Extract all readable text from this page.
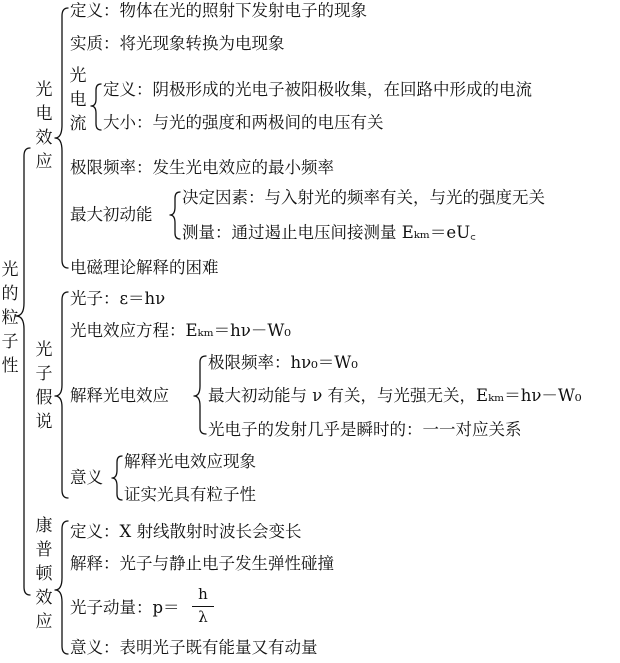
光
的
粒
子
性
光
电
效
应
定义：物体在光的照射下发射电子的现象
实质：将光现象转换为电现象
光
电
流
定义：阴极形成的光电子被阳极收集，在回路中形成的电流
大小：与光的强度和两极间的电压有关
极限频率：发生光电效应的最小频率
最大初动能
决定因素：与入射光的频率有关，与光的强度无关
测量：通过遏止电压间接测量 Eₖₘ＝eU꜀
电磁理论解释的困难
光
子
假
说
光子：ε＝hν
光电效应方程：Eₖₘ＝hν－W₀
解释光电效应
极限频率：hν₀＝W₀
最大初动能与 ν 有关，与光强无关，Eₖₘ＝hν－W₀
光电子的发射几乎是瞬时的：一一对应关系
意义
解释光电效应现象
证实光具有粒子性
康
普
顿
效
应
定义：X 射线散射时波长会变长
解释：光子与静止电子发生弹性碰撞
光子动量：p＝
h
λ
意义：表明光子既有能量又有动量
